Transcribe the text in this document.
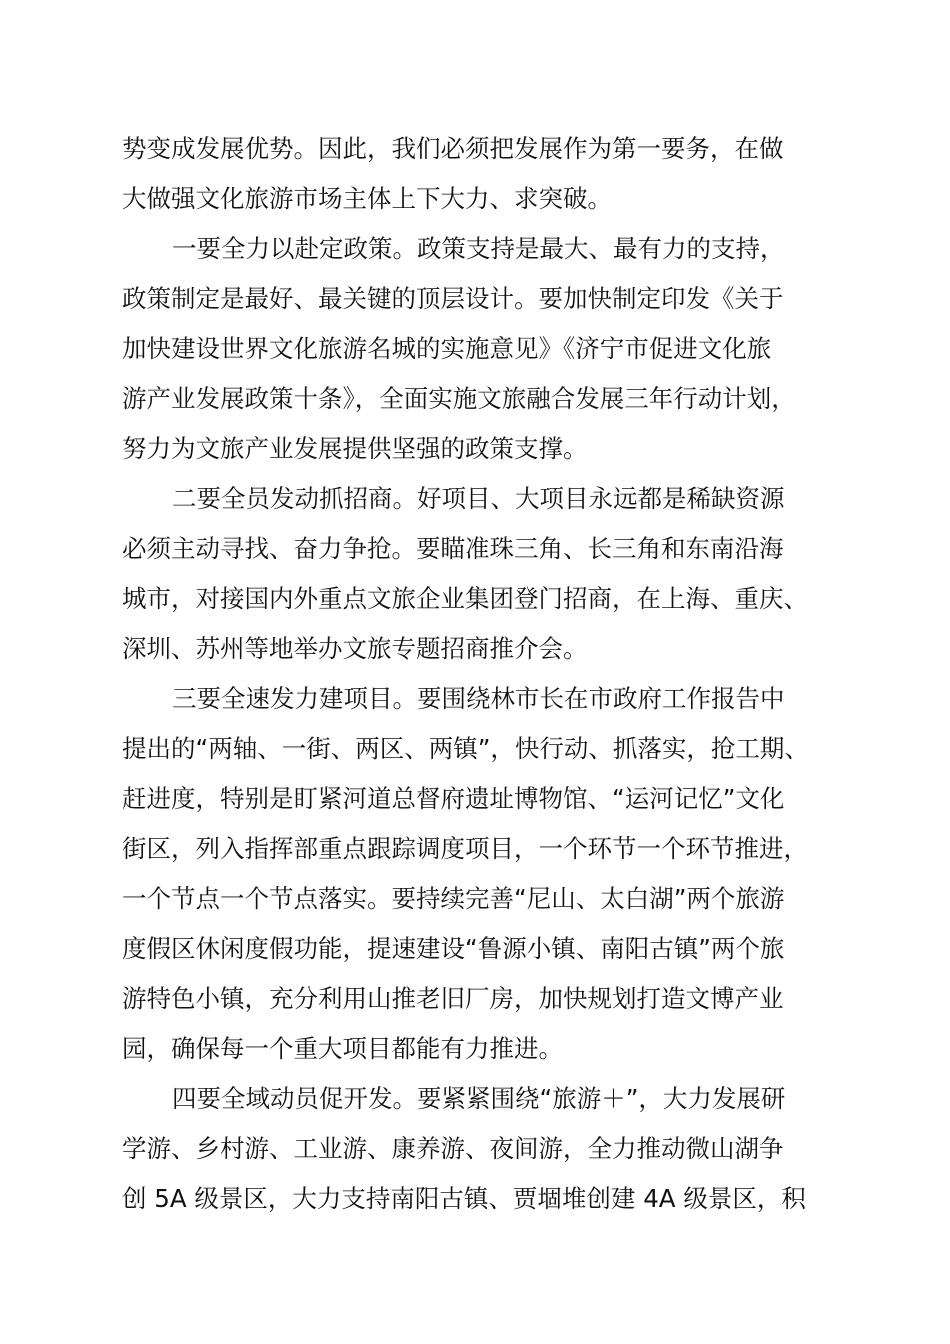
势变成发展优势。因此，我们必须把发展作为第一要务，在做
大做强文化旅游市场主体上下大力、求突破。
一要全力以赴定政策。政策支持是最大、最有力的支持，
政策制定是最好、最关键的顶层设计。要加快制定印发《关于
加快建设世界文化旅游名城的实施意见》《济宁市促进文化旅
游产业发展政策十条》，全面实施文旅融合发展三年行动计划，
努力为文旅产业发展提供坚强的政策支撑。
二要全员发动抓招商。好项目、大项目永远都是稀缺资源
必须主动寻找、奋力争抢。要瞄准珠三角、长三角和东南沿海
城市，对接国内外重点文旅企业集团登门招商，在上海、重庆、
深圳、苏州等地举办文旅专题招商推介会。
三要全速发力建项目。要围绕林市长在市政府工作报告中
提出的“两轴、一街、两区、两镇”，快行动、抓落实，抢工期、
赶进度，特别是盯紧河道总督府遗址博物馆、“运河记忆”文化
街区，列入指挥部重点跟踪调度项目，一个环节一个环节推进，
一个节点一个节点落实。要持续完善“尼山、太白湖”两个旅游
度假区休闲度假功能，提速建设“鲁源小镇、南阳古镇”两个旅
游特色小镇，充分利用山推老旧厂房，加快规划打造文博产业
园，确保每一个重大项目都能有力推进。
四要全域动员促开发。要紧紧围绕“旅游＋”，大力发展研
学游、乡村游、工业游、康养游、夜间游，全力推动微山湖争
创 5A 级景区，大力支持南阳古镇、贾堌堆创建 4A 级景区，积
